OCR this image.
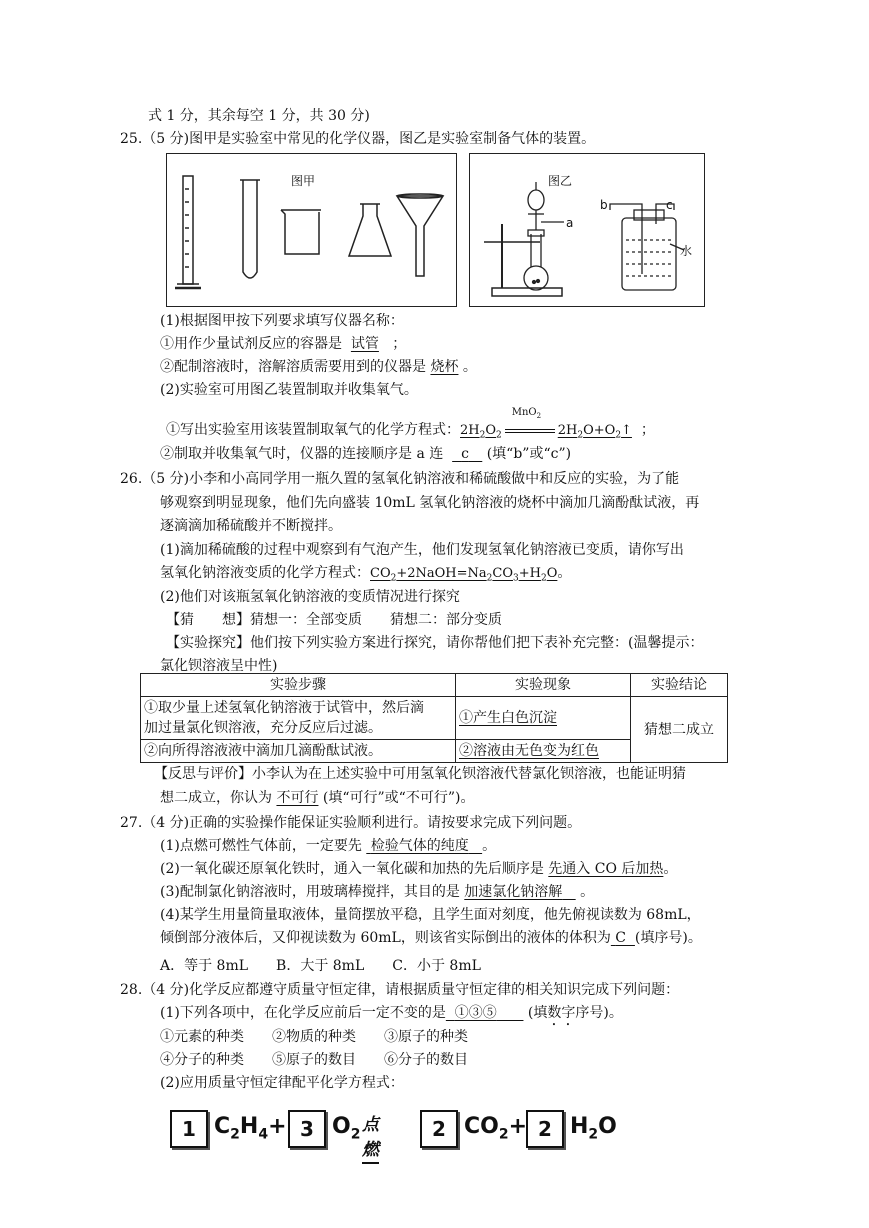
式 1 分，其余每空 1 分，共 30 分)
25.（5 分)图甲是实验室中常见的化学仪器，图乙是实验室制备气体的装置。
图甲	图乙
a
b	c
水
(1)根据图甲按下列要求填写仪器名称：
①用作少量试剂反应的容器是 试管 ；
②配制溶液时，溶解溶质需要用到的仪器是 烧杯 。
(2)实验室可用图乙装置制取并收集氧气。
①写出实验室用该装置制取氧气的化学方程式：$2H_2O_2$
MnO$_2$
$2H_2O+O_2↑$ ；
②制取并收集氧气时，仪器的连接顺序是 a 连 c (填“b”或“c”)
26.（5 分)小李和小高同学用一瓶久置的氢氧化钠溶液和稀硫酸做中和反应的实验，为了能
够观察到明显现象，他们先向盛装 10mL 氢氧化钠溶液的烧杯中滴加几滴酚酞试液，再
逐滴滴加稀硫酸并不断搅拌。
(1)滴加稀硫酸的过程中观察到有气泡产生，他们发现氢氧化钠溶液已变质，请你写出
氢氧化钠溶液变质的化学方程式：$CO_2+2NaOH=Na_2CO_3+H_2O$。
(2)他们对该瓶氢氧化钠溶液的变质情况进行探究
【猜　　想】猜想一：全部变质　　猜想二：部分变质
【实验探究】他们按下列实验方案进行探究，请你帮他们把下表补充完整：(温馨提示：
氯化钡溶液呈中性)
实验步骤	实验现象	实验结论
①取少量上述氢氧化钠溶液于试管中，然后滴
加过量氯化钡溶液，充分反应后过滤。	①产生白色沉淀	猜想二成立
②向所得溶液液中滴加几滴酚酞试液。	②溶液由无色变为红色	
【反思与评价】小李认为在上述实验中可用氢氧化钡溶液代替氯化钡溶液，也能证明猜
想二成立，你认为 不可行 (填“可行”或“不可行”)。
27.（4 分)正确的实验操作能保证实验顺利进行。请按要求完成下列问题。
(1)点燃可燃性气体前，一定要先 检验气体的纯度 。
(2)一氧化碳还原氧化铁时，通入一氧化碳和加热的先后顺序是 先通入 CO 后加热。
(3)配制氯化钠溶液时，用玻璃棒搅拌，其目的是 加速氯化钠溶解 。
(4)某学生用量筒量取液体，量筒摆放平稳，且学生面对刻度，他先俯视读数为 68mL，
倾倒部分液体后，又仰视读数为 60mL，则该省实际倒出的液体的体积为 C (填序号)。
A．等于 8mL　　B．大于 8mL　　C．小于 8mL
28.（4 分)化学反应都遵守质量守恒定律，请根据质量守恒定律的相关知识完成下列问题：
(1)下列各项中，在化学反应前后一定不变的是 ①③⑤ (填数字序号)。
①元素的种类　　②物质的种类　　③原子的种类
④分子的种类　　⑤原子的数目　　⑥分子的数目
(2)应用质量守恒定律配平化学方程式：
1 $C_2H_4+ 3$ $O_2$ 点燃
2 $CO_2+ 2$ $H_2O$
